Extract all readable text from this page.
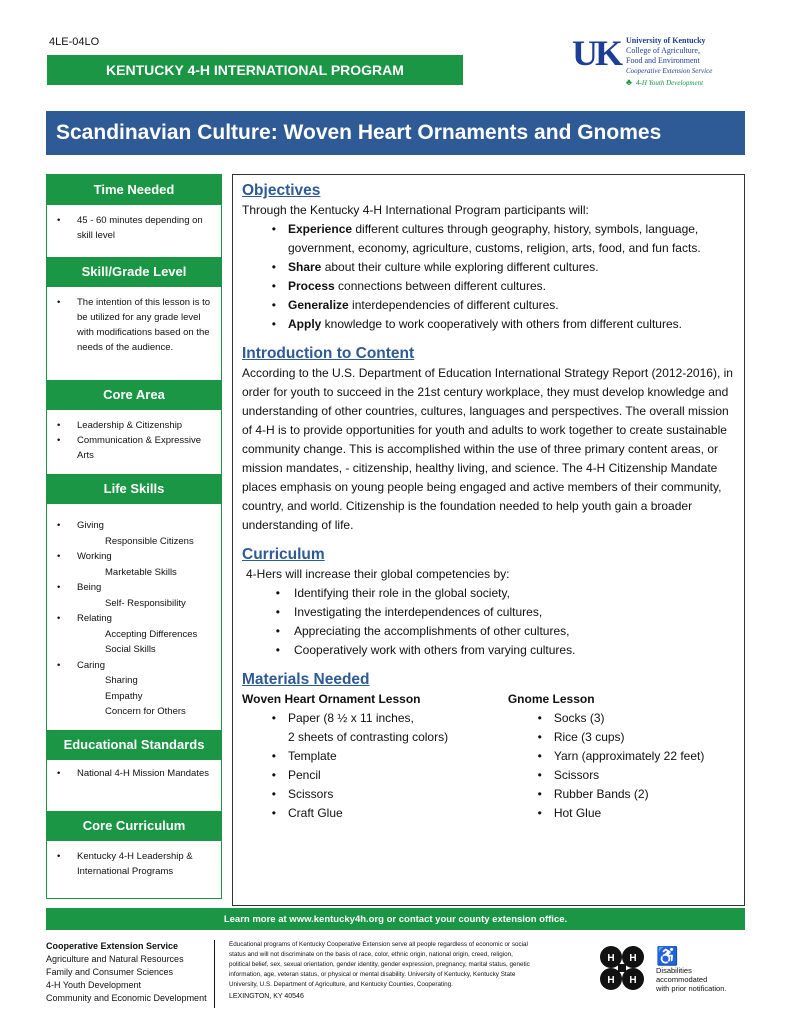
4LE-04LO
KENTUCKY 4-H INTERNATIONAL PROGRAM	UK University of Kentucky
College of Agriculture,
Food and Environment
Cooperative Extension Service
♣ 4-H Youth Development
Scandinavian Culture: Woven Heart Ornaments and Gnomes
Time Needed
•	45 - 60 minutes depending on skill level
Skill/Grade Level
•	The intention of this lesson is to be utilized for any grade level with modifications based on the needs of the audience.
Core Area
•	Leadership & Citizenship
•	Communication & Expressive Arts
Life Skills
•	Giving
Responsible Citizens
•	Working
Marketable Skills
•	Being
Self- Responsibility
•	Relating
Accepting Differences
Social Skills
•	Caring
Sharing
Empathy
Concern for Others
Educational Standards
•	National 4-H Mission Mandates
Core Curriculum
•	Kentucky 4-H Leadership & International Programs
Objectives
Through the Kentucky 4-H International Program participants will:
•	Experience different cultures through geography, history, symbols, language, government, economy, agriculture, customs, religion, arts, food, and fun facts.
•	Share about their culture while exploring different cultures.
•	Process connections between different cultures.
•	Generalize interdependencies of different cultures.
•	Apply knowledge to work cooperatively with others from different cultures.
Introduction to Content
According to the U.S. Department of Education International Strategy Report (2012-2016), in order for youth to succeed in the 21st century workplace, they must develop knowledge and understanding of other countries, cultures, languages and perspectives. The overall mission of 4-H is to provide opportunities for youth and adults to work together to create sustainable community change. This is accomplished within the use of three primary content areas, or mission mandates, - citizenship, healthy living, and science. The 4-H Citizenship Mandate places emphasis on young people being engaged and active members of their community, country, and world. Citizenship is the foundation needed to help youth gain a broader understanding of life.
Curriculum
4-Hers will increase their global competencies by:
•	Identifying their role in the global society,
•	Investigating the interdependences of cultures,
•	Appreciating the accomplishments of other cultures,
•	Cooperatively work with others from varying cultures.
Materials Needed
Woven Heart Ornament Lesson
•	Paper (8 ½ x 11 inches,
2 sheets of contrasting colors)
•	Template
•	Pencil
•	Scissors
•	Craft Glue
Gnome Lesson
•	Socks (3)
•	Rice (3 cups)
•	Yarn (approximately 22 feet)
•	Scissors
•	Rubber Bands (2)
•	Hot Glue
Learn more at www.kentucky4h.org or contact your county extension office.
Cooperative Extension Service
Agriculture and Natural Resources
Family and Consumer Sciences
4-H Youth Development
Community and Economic Development
Educational programs of Kentucky Cooperative Extension serve all people regardless of economic or social status and will not discriminate on the basis of race, color, ethnic origin, national origin, creed, religion, political belief, sex, sexual orientation, gender identity, gender expression, pregnancy, marital status, genetic information, age, veteran status, or physical or mental disability. University of Kentucky, Kentucky State University, U.S. Department of Agriculture, and Kentucky Counties, Cooperating.
LEXINGTON, KY 40546
H H
H H
♿
Disabilities
accommodated
with prior notification.
